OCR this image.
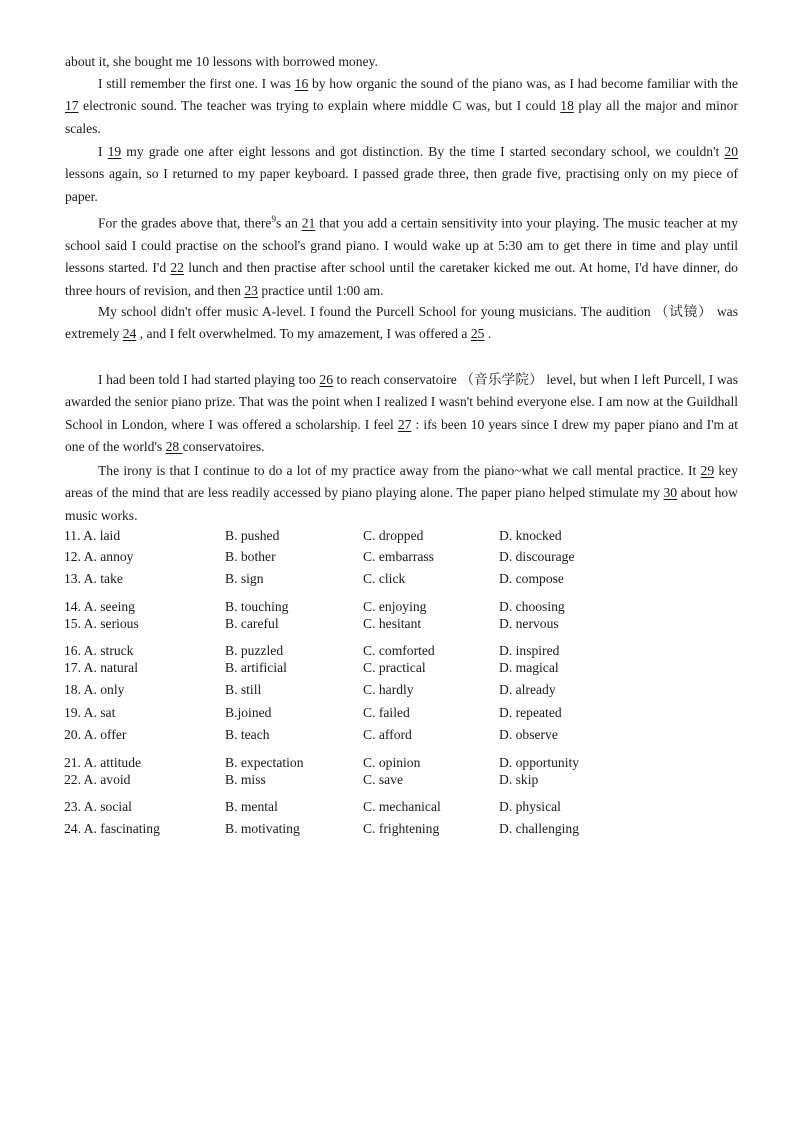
about it, she bought me 10 lessons with borrowed money.

I still remember the first one. I was 16 by how organic the sound of the piano was, as I had become familiar with the 17 electronic sound. The teacher was trying to explain where middle C was, but I could 18 play all the major and minor scales.

I 19 my grade one after eight lessons and got distinction. By the time I started secondary school, we couldn't 20 lessons again, so I returned to my paper keyboard. I passed grade three, then grade five, practising only on my piece of paper.

For the grades above that, there$^9$s an 21 that you add a certain sensitivity into your playing. The music teacher at my school said I could practise on the school's grand piano. I would wake up at 5:30 am to get there in time and play until lessons started. I'd 22 lunch and then practise after school until the caretaker kicked me out. At home, I'd have dinner, do three hours of revision, and then 23 practice until 1:00 am.

My school didn't offer music A-level. I found the Purcell School for young musicians. The audition （试镜） was extremely 24 , and I felt overwhelmed. To my amazement, I was offered a 25 .

I had been told I had started playing too 26 to reach conservatoire （音乐学院） level, but when I left Purcell, I was awarded the senior piano prize. That was the point when I realized I wasn't behind everyone else. I am now at the Guildhall School in London, where I was offered a scholarship. I feel 27 : ifs been 10 years since I drew my paper piano and I'm at one of the world's 28 conservatoires.

The irony is that I continue to do a lot of my practice away from the piano~what we call mental practice. It 29 key areas of the mind that are less readily accessed by piano playing alone. The paper piano helped stimulate my 30 about how music works.

11. A. laid	B. pushed	C. dropped	D. knocked
12. A. annoy	B. bother	C. embarrass	D. discourage
13. A. take	B. sign	C. click	D. compose
14. A. seeing	B. touching	C. enjoying	D. choosing
15. A. serious	B. careful	C. hesitant	D. nervous
16. A. struck	B. puzzled	C. comforted	D. inspired
17. A. natural	B. artificial	C. practical	D. magical
18. A. only	B. still	C. hardly	D. already
19. A. sat	B.joined	C. failed	D. repeated
20. A. offer	B. teach	C. afford	D. observe
21. A. attitude	B. expectation	C. opinion	D. opportunity
22. A. avoid	B. miss	C. save	D. skip
23. A. social	B. mental	C. mechanical	D. physical
24. A. fascinating	B. motivating	C. frightening	D. challenging
